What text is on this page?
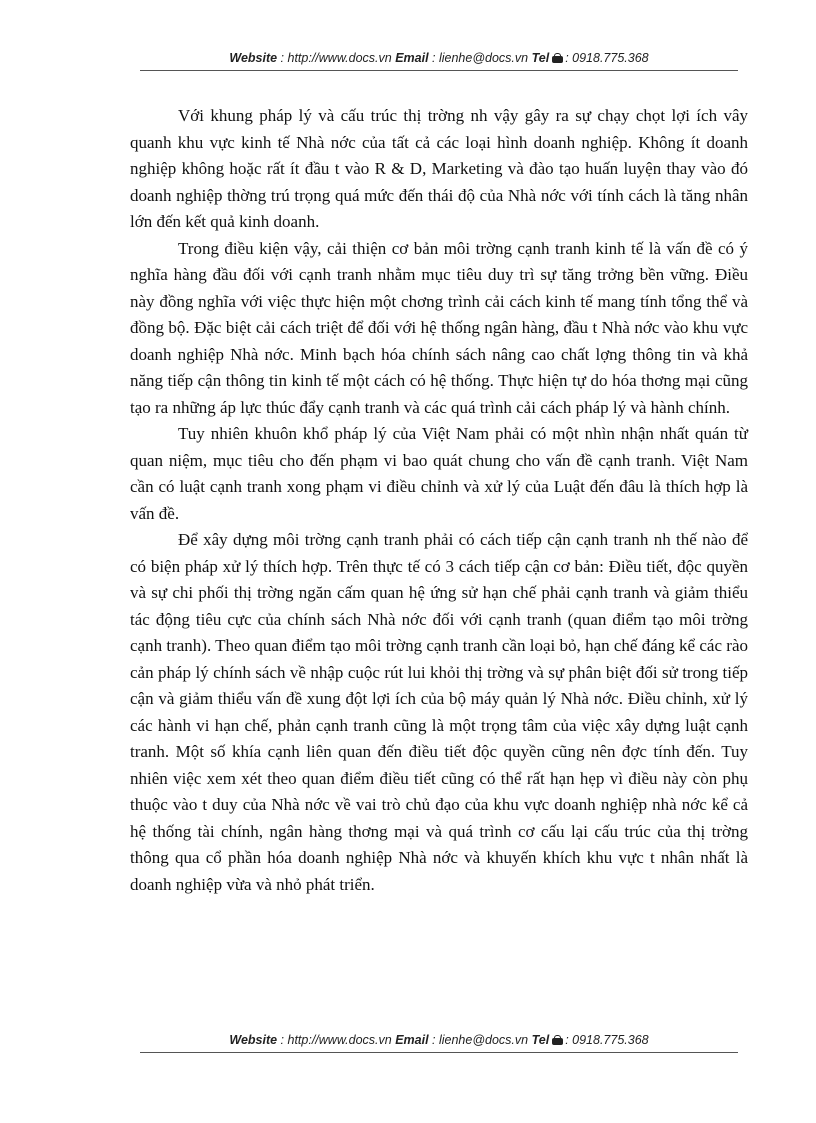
Website : http://www.docs.vn Email : lienhe@docs.vn Tel : 0918.775.368

Với khung pháp lý và cấu trúc thị trờng nh vậy gây ra sự chạy chọt lợi ích vây quanh khu vực kinh tế Nhà nớc của tất cả các loại hình doanh nghiệp. Không ít doanh nghiệp không hoặc rất ít đầu t vào R & D, Marketing và đào tạo huấn luyện thay vào đó doanh nghiệp thờng trú trọng quá mức đến thái độ của Nhà nớc với tính cách là tăng nhân lớn đến kết quả kinh doanh.

Trong điều kiện vậy, cải thiện cơ bản môi trờng cạnh tranh kinh tế là vấn đề có ý nghĩa hàng đầu đối với cạnh tranh nhằm mục tiêu duy trì sự tăng trởng bền vững. Điều này đồng nghĩa với việc thực hiện một chơng trình cải cách kinh tế mang tính tổng thể và đồng bộ. Đặc biệt cải cách triệt để đối với hệ thống ngân hàng, đầu t Nhà nớc vào khu vực doanh nghiệp Nhà nớc. Minh bạch hóa chính sách nâng cao chất lợng thông tin và khả năng tiếp cận thông tin kinh tế một cách có hệ thống. Thực hiện tự do hóa thơng mại cũng tạo ra những áp lực thúc đẩy cạnh tranh và các quá trình cải cách pháp lý và hành chính.

Tuy nhiên khuôn khổ pháp lý của Việt Nam phải có một nhìn nhận nhất quán từ quan niệm, mục tiêu cho đến phạm vi bao quát chung cho vấn đề cạnh tranh. Việt Nam cần có luật cạnh tranh xong phạm vi điều chỉnh và xử lý của Luật đến đâu là thích hợp là vấn đề.

Để xây dựng môi trờng cạnh tranh phải có cách tiếp cận cạnh tranh nh thế nào để có biện pháp xử lý thích hợp. Trên thực tế có 3 cách tiếp cận cơ bản: Điều tiết, độc quyền và sự chi phối thị trờng ngăn cấm quan hệ ứng sử hạn chế phải cạnh tranh và giảm thiểu tác động tiêu cực của chính sách Nhà nớc đối với cạnh tranh (quan điểm tạo môi trờng cạnh tranh). Theo quan điểm tạo môi trờng cạnh tranh cần loại bỏ, hạn chế đáng kể các rào cản pháp lý chính sách về nhập cuộc rút lui khỏi thị trờng và sự phân biệt đối sử trong tiếp cận và giảm thiểu vấn đề xung đột lợi ích của bộ máy quản lý Nhà nớc. Điều chỉnh, xử lý các hành vi hạn chế, phản cạnh tranh cũng là một trọng tâm của việc xây dựng luật cạnh tranh. Một số khía cạnh liên quan đến điều tiết độc quyền cũng nên đợc tính đến. Tuy nhiên việc xem xét theo quan điểm điều tiết cũng có thể rất hạn hẹp vì điều này còn phụ thuộc vào t duy của Nhà nớc về vai trò chủ đạo của khu vực doanh nghiệp nhà nớc kể cả hệ thống tài chính, ngân hàng thơng mại và quá trình cơ cấu lại cấu trúc của thị trờng thông qua cổ phần hóa doanh nghiệp Nhà nớc và khuyến khích khu vực t nhân nhất là doanh nghiệp vừa và nhỏ phát triển.

Website : http://www.docs.vn Email : lienhe@docs.vn Tel : 0918.775.368
